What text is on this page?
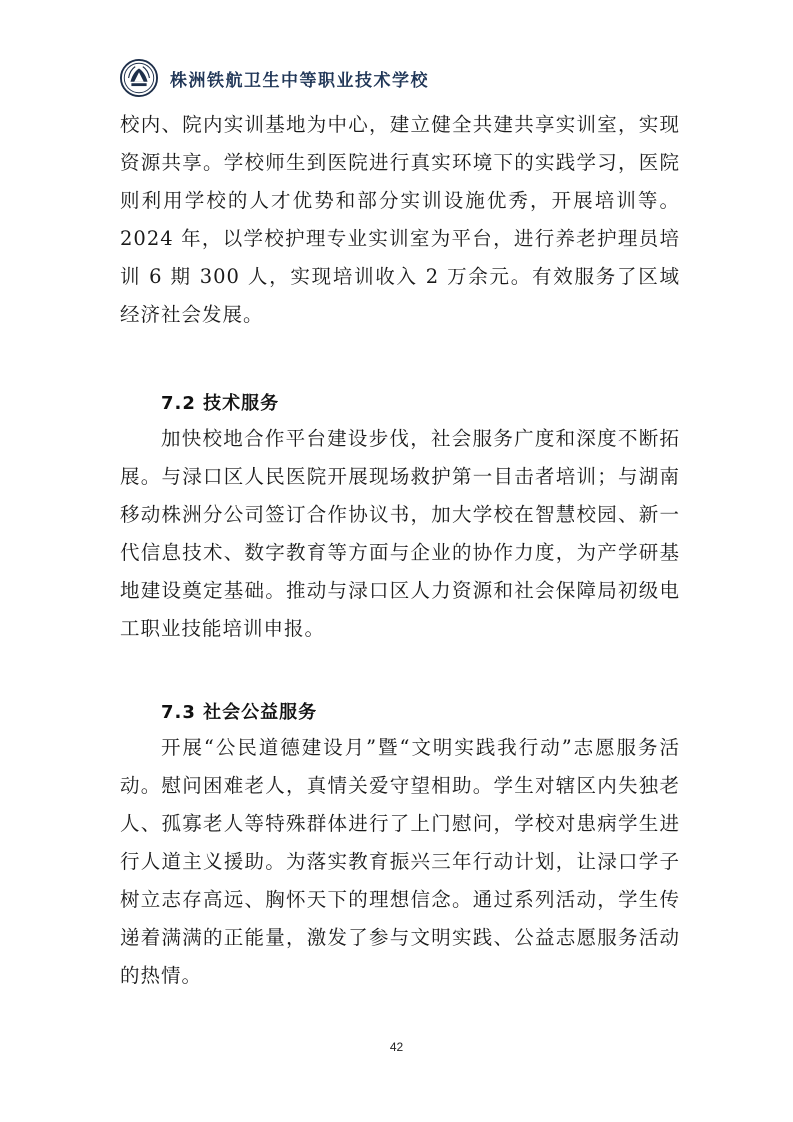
株洲铁航卫生中等职业技术学校

校内、院内实训基地为中心，建立健全共建共享实训室，实现资源共享。学校师生到医院进行真实环境下的实践学习，医院则利用学校的人才优势和部分实训设施优秀，开展培训等。2024 年，以学校护理专业实训室为平台，进行养老护理员培训 6 期 300 人，实现培训收入 2 万余元。有效服务了区域经济社会发展。

7.2 技术服务

加快校地合作平台建设步伐，社会服务广度和深度不断拓展。与渌口区人民医院开展现场救护第一目击者培训；与湖南移动株洲分公司签订合作协议书，加大学校在智慧校园、新一代信息技术、数字教育等方面与企业的协作力度，为产学研基地建设奠定基础。推动与渌口区人力资源和社会保障局初级电工职业技能培训申报。

7.3 社会公益服务

开展“公民道德建设月”暨“文明实践我行动”志愿服务活动。慰问困难老人，真情关爱守望相助。学生对辖区内失独老人、孤寡老人等特殊群体进行了上门慰问，学校对患病学生进行人道主义援助。为落实教育振兴三年行动计划，让渌口学子树立志存高远、胸怀天下的理想信念。通过系列活动，学生传递着满满的正能量，激发了参与文明实践、公益志愿服务活动的热情。

42
